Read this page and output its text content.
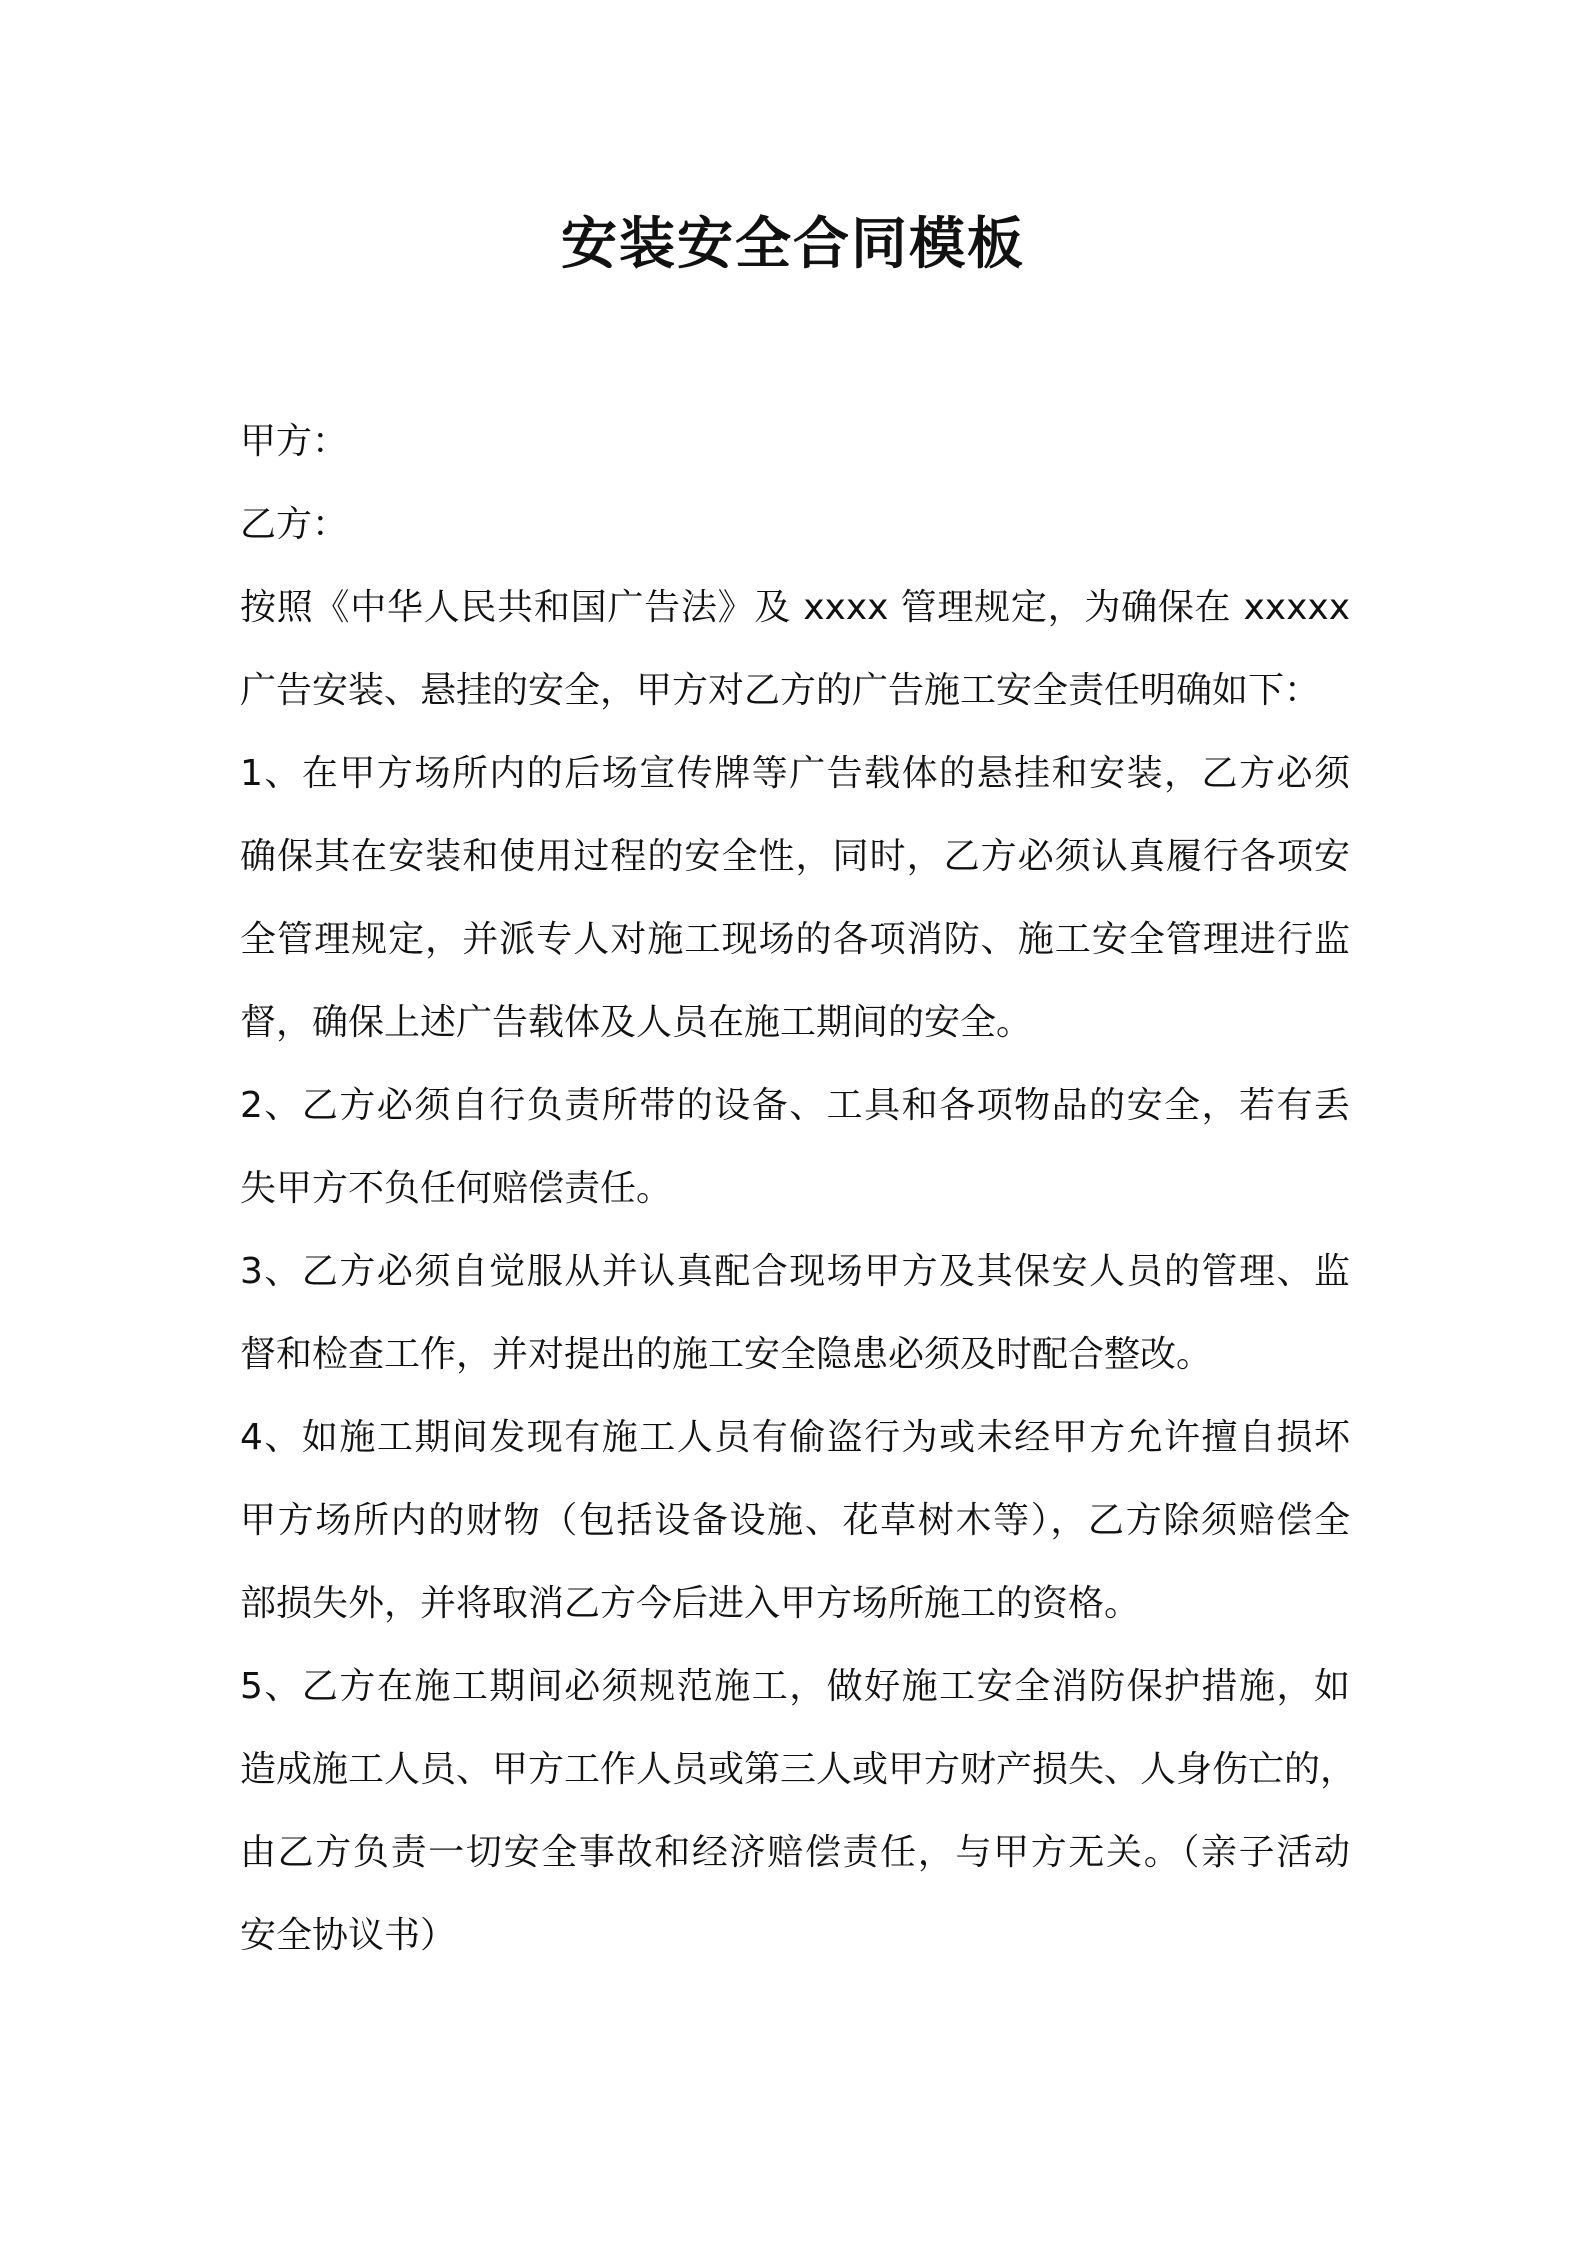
安装安全合同模板
甲方：
乙方：
按照《中华人民共和国广告法》及 xxxx 管理规定，为确保在 xxxxx
广告安装、悬挂的安全，甲方对乙方的广告施工安全责任明确如下：
1、在甲方场所内的后场宣传牌等广告载体的悬挂和安装，乙方必须
确保其在安装和使用过程的安全性，同时，乙方必须认真履行各项安
全管理规定，并派专人对施工现场的各项消防、施工安全管理进行监
督，确保上述广告载体及人员在施工期间的安全。
2、乙方必须自行负责所带的设备、工具和各项物品的安全，若有丢
失甲方不负任何赔偿责任。
3、乙方必须自觉服从并认真配合现场甲方及其保安人员的管理、监
督和检查工作，并对提出的施工安全隐患必须及时配合整改。
4、如施工期间发现有施工人员有偷盗行为或未经甲方允许擅自损坏
甲方场所内的财物（包括设备设施、花草树木等），乙方除须赔偿全
部损失外，并将取消乙方今后进入甲方场所施工的资格。
5、乙方在施工期间必须规范施工，做好施工安全消防保护措施，如
造成施工人员、甲方工作人员或第三人或甲方财产损失、人身伤亡的，
由乙方负责一切安全事故和经济赔偿责任，与甲方无关。（亲子活动
安全协议书）
